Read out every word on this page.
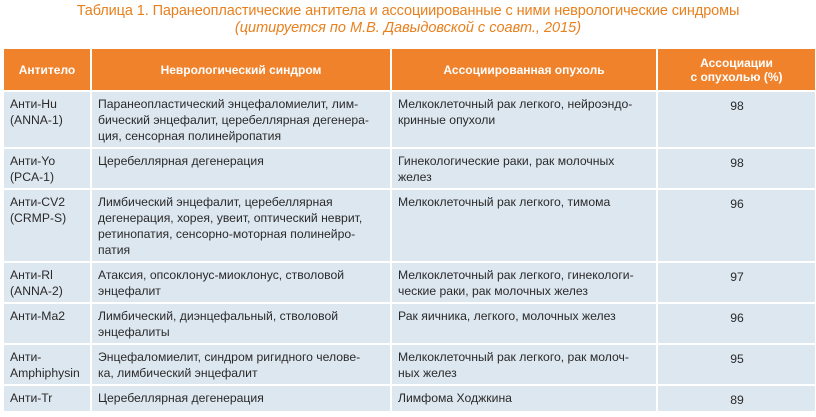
Таблица 1. Паранеопластические антитела и ассоциированные с ними неврологические синдромы
(цитируется по М.В. Давыдовской с соавт., 2015)
Антитело	Неврологический синдром	Ассоциированная опухоль	Ассоциации
с опухолью (%)
Анти-Hu
(ANNA-1)	Паранеопластический энцефаломиелит, лим-
бический энцефалит, церебеллярная дегенера-
ция, сенсорная полинейропатия	Мелкоклеточный рак легкого, нейроэндо-
кринные опухоли	98
Анти-Yo
(PCA-1)	Церебеллярная дегенерация	Гинекологические раки, рак молочных
желез	98
Анти-CV2
(CRMP-S)	Лимбический энцефалит, церебеллярная
дегенерация, хорея, увеит, оптический неврит,
ретинопатия, сенсорно-моторная полинейро-
патия	Мелкоклеточный рак легкого, тимома	96
Анти-Rl
(ANNA-2)	Атаксия, опсоклонус-миоклонус, стволовой
энцефалит	Мелкоклеточный рак легкого, гинекологи-
ческие раки, рак молочных желез	97
Анти-Ma2	Лимбический, диэнцефальный, стволовой
энцефалиты	Рак яичника, легкого, молочных желез	96
Анти-
Amphiphysin	Энцефаломиелит, синдром ригидного челове-
ка, лимбический энцефалит	Мелкоклеточный рак легкого, рак молоч-
ных желез	95
Анти-Tr	Церебеллярная дегенерация	Лимфома Ходжкина	89
